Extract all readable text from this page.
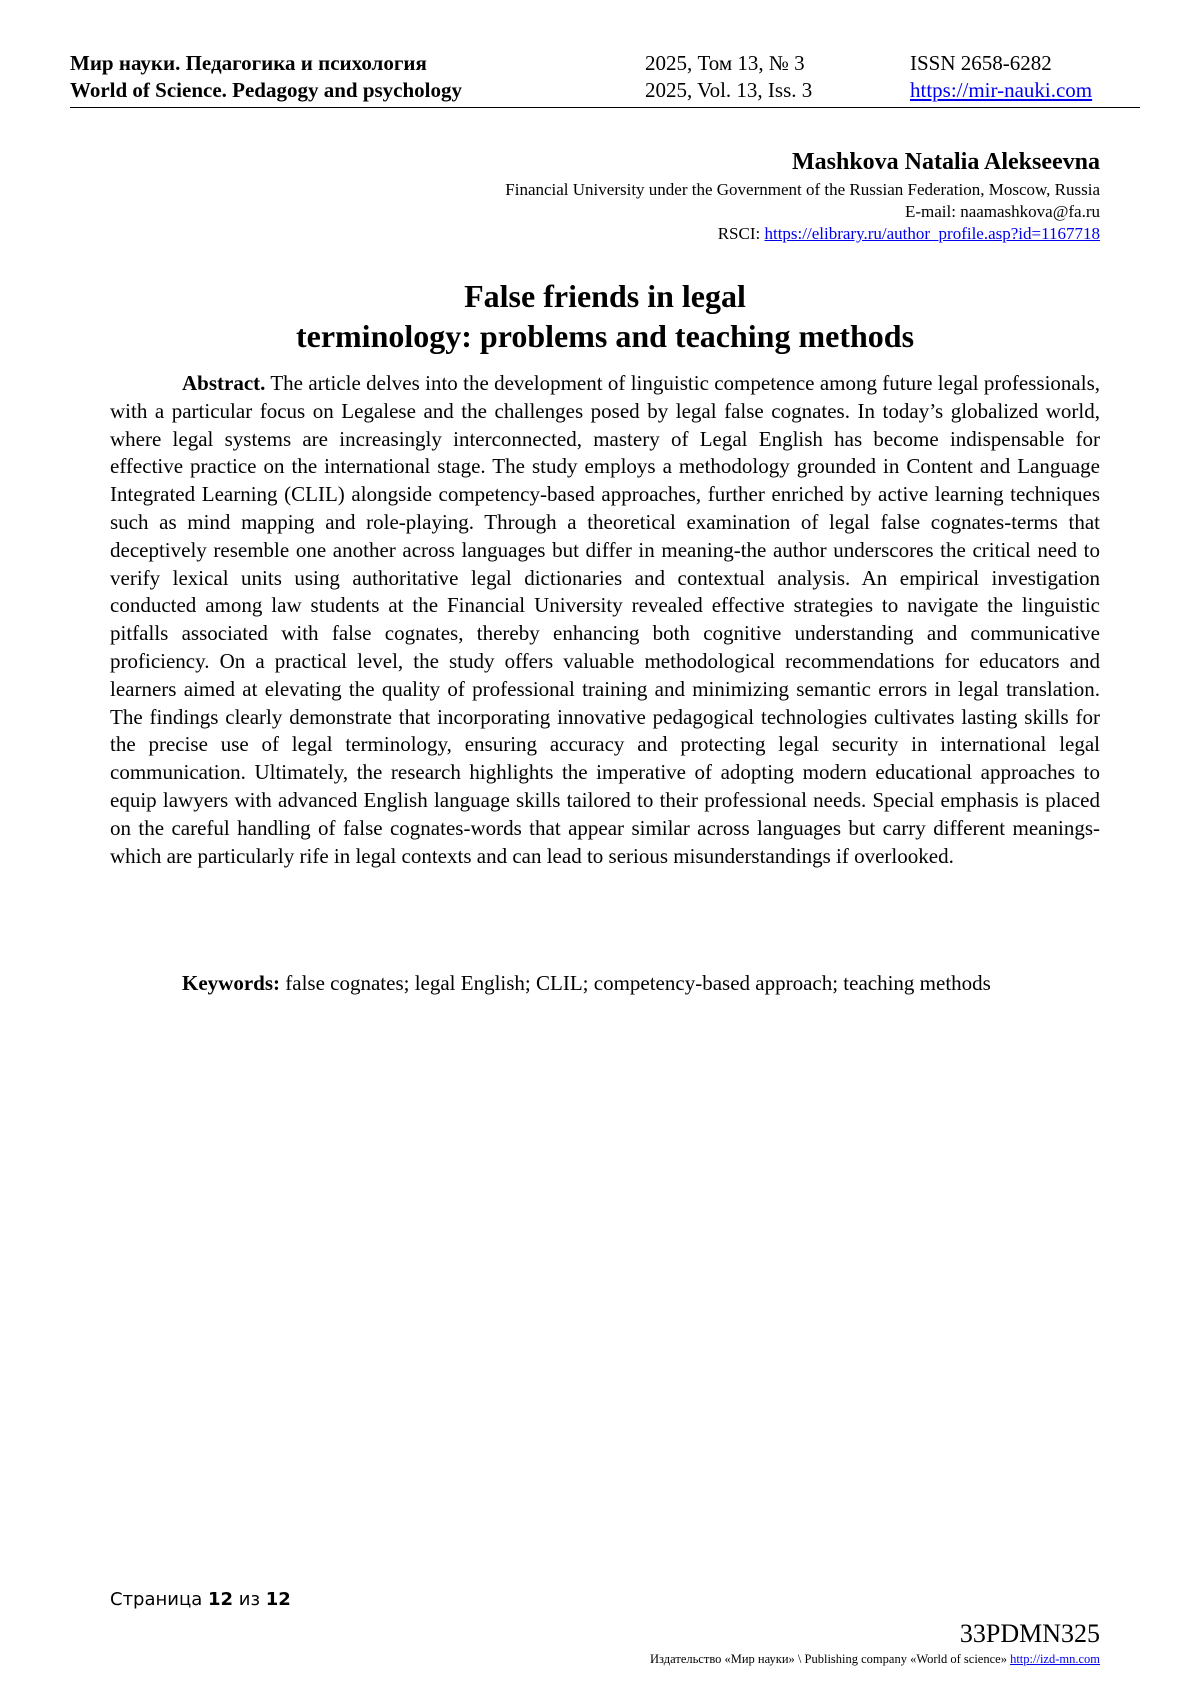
Мир науки. Педагогика и психология	2025, Том 13, № 3	ISSN 2658-6282
World of Science. Pedagogy and psychology	2025, Vol. 13, Iss. 3	https://mir-nauki.com
Mashkova Natalia Alekseevna
Financial University under the Government of the Russian Federation, Moscow, Russia
E-mail: naamashkova@fa.ru
RSCI: https://elibrary.ru/author_profile.asp?id=1167718
False friends in legal
terminology: problems and teaching methods

Abstract. The article delves into the development of linguistic competence among future legal professionals, with a particular focus on Legalese and the challenges posed by legal false cognates. In today’s globalized world, where legal systems are increasingly interconnected, mastery of Legal English has become indispensable for effective practice on the international stage. The study employs a methodology grounded in Content and Language Integrated Learning (CLIL) alongside competency-based approaches, further enriched by active learning techniques such as mind mapping and role-playing. Through a theoretical examination of legal false cognates-terms that deceptively resemble one another across languages but differ in meaning-the author underscores the critical need to verify lexical units using authoritative legal dictionaries and contextual analysis. An empirical investigation conducted among law students at the Financial University revealed effective strategies to navigate the linguistic pitfalls associated with false cognates, thereby enhancing both cognitive understanding and communicative proficiency. On a practical level, the study offers valuable methodological recommendations for educators and learners aimed at elevating the quality of professional training and minimizing semantic errors in legal translation. The findings clearly demonstrate that incorporating innovative pedagogical technologies cultivates lasting skills for the precise use of legal terminology, ensuring accuracy and protecting legal security in international legal communication. Ultimately, the research highlights the imperative of adopting modern educational approaches to equip lawyers with advanced English language skills tailored to their professional needs. Special emphasis is placed on the careful handling of false cognates-words that appear similar across languages but carry different meanings-which are particularly rife in legal contexts and can lead to serious misunderstandings if overlooked.

Keywords: false cognates; legal English; CLIL; competency-based approach; teaching methods

Страница 12 из 12
33PDMN325
Издательство «Мир науки» \ Publishing company «World of science» http://izd-mn.com
